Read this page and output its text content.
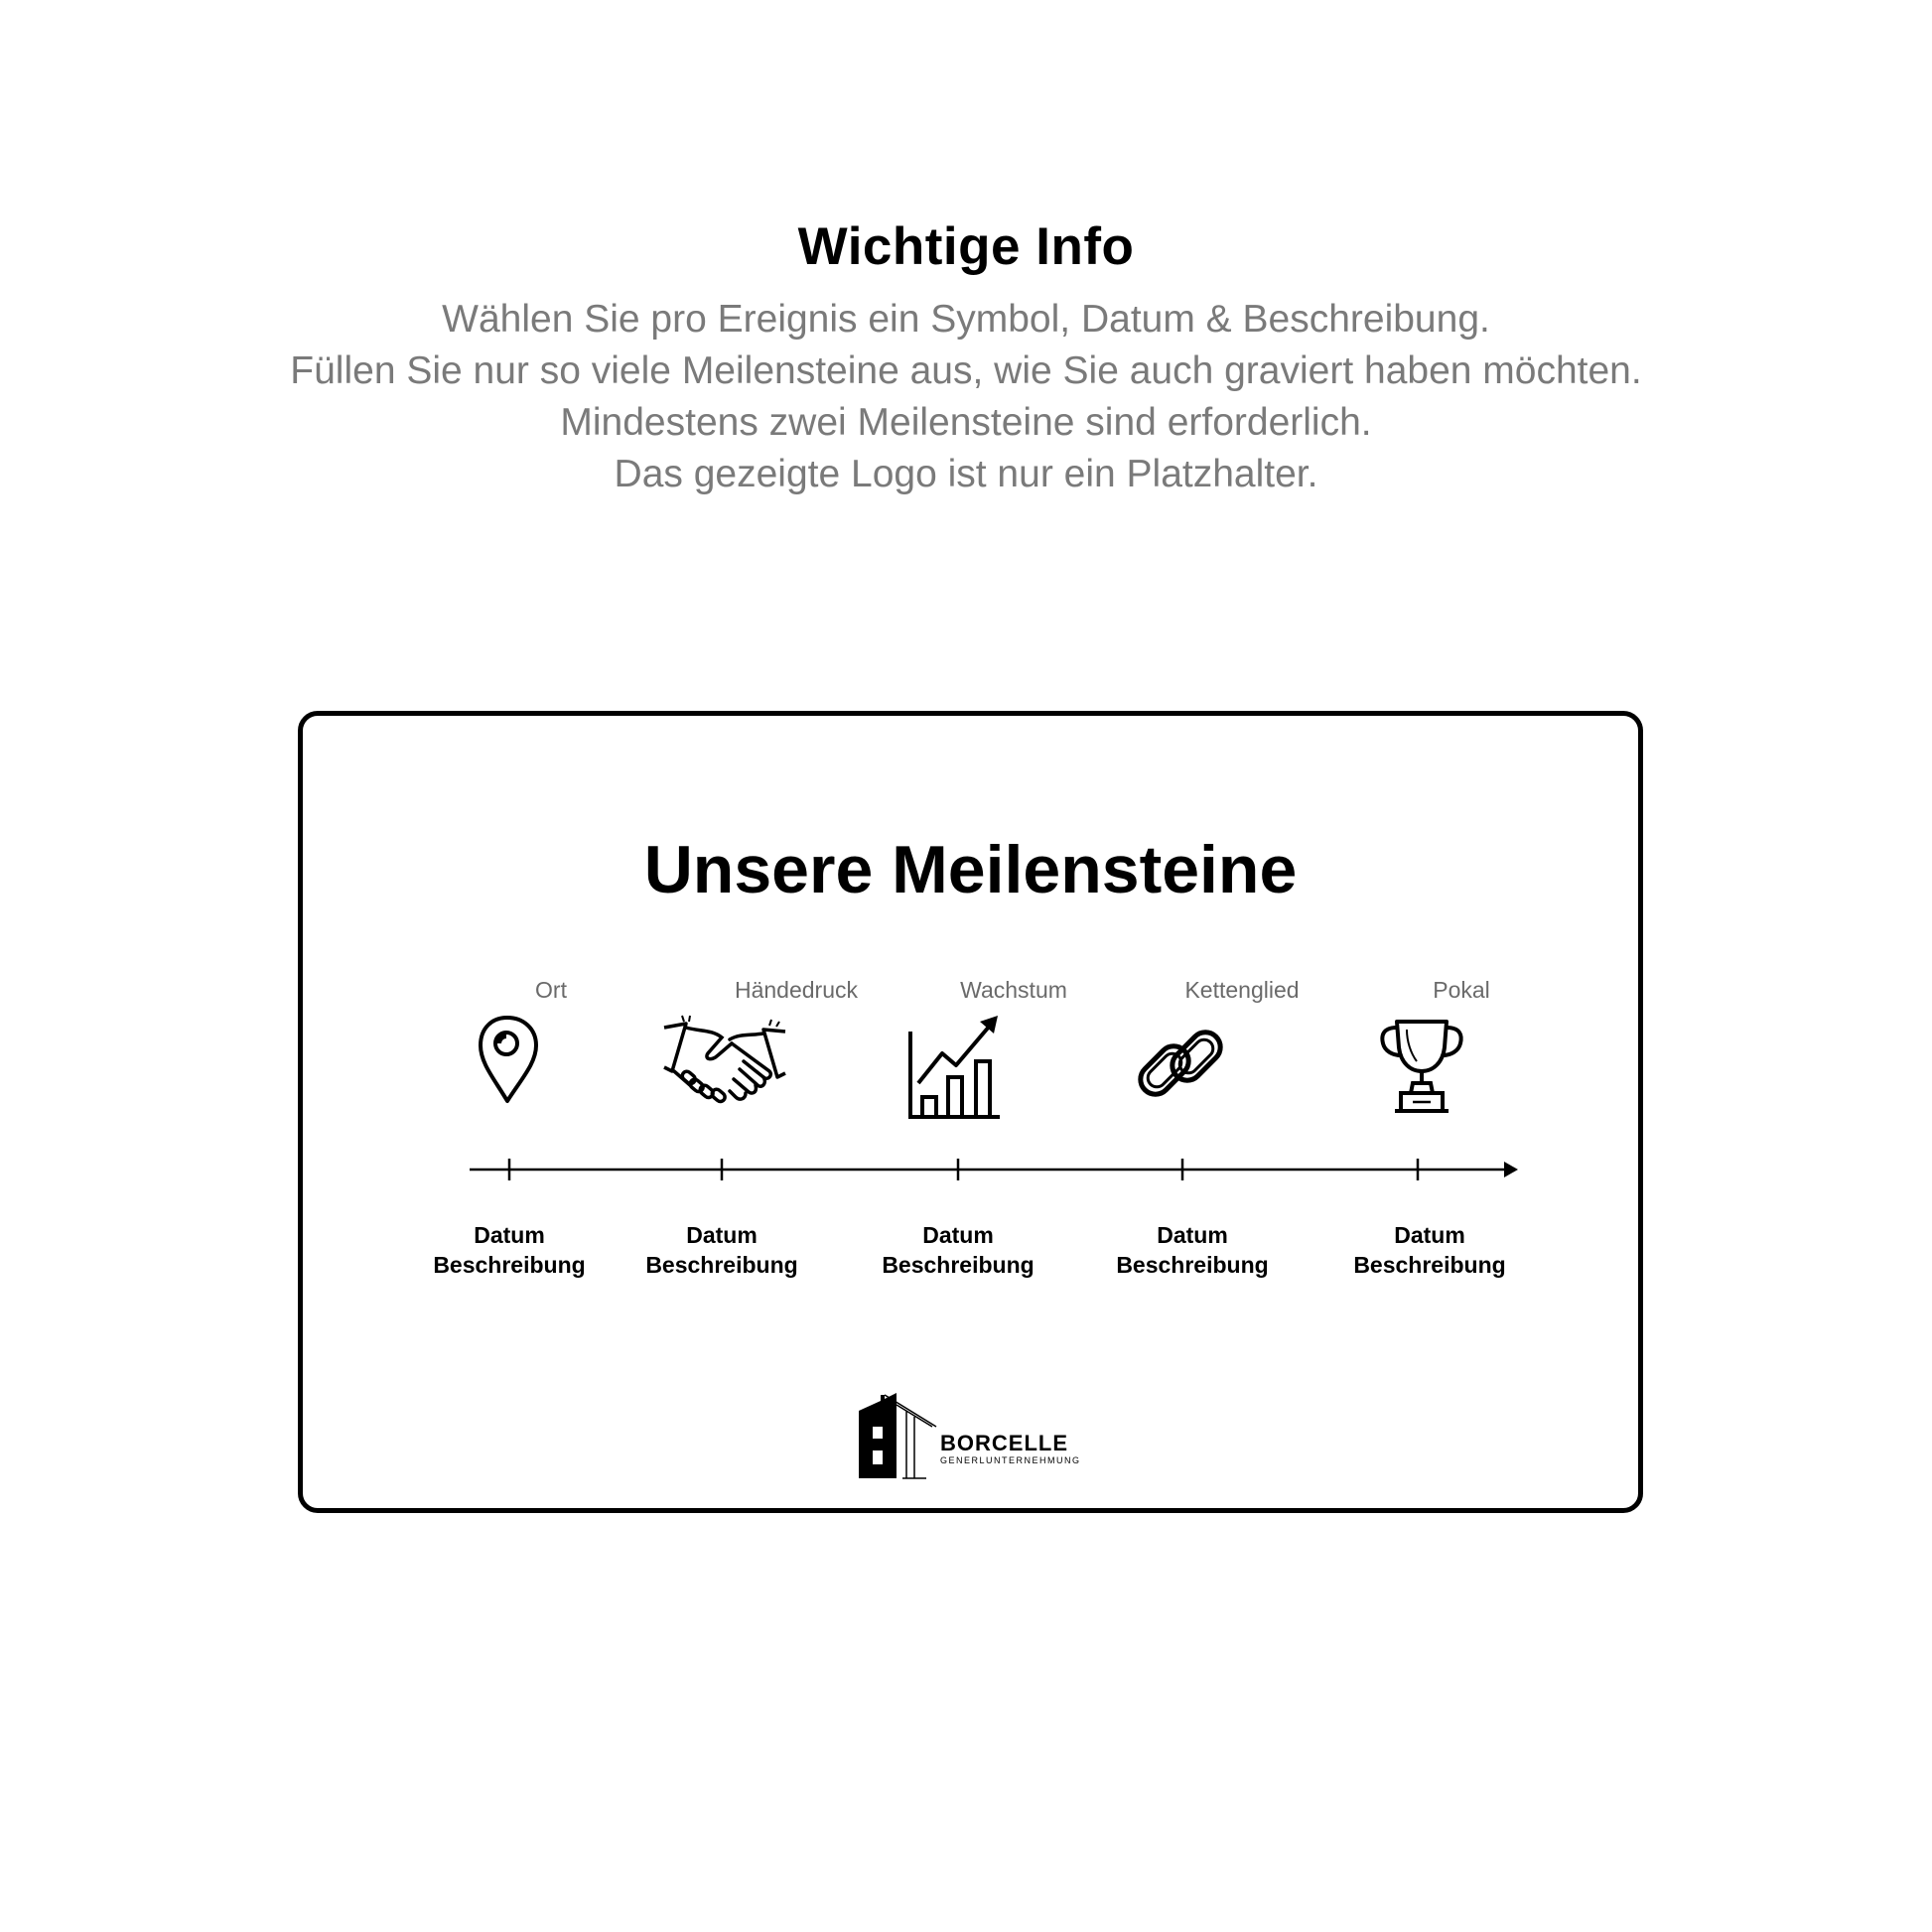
Wichtige Info
Wählen Sie pro Ereignis ein Symbol, Datum & Beschreibung.
Füllen Sie nur so viele Meilensteine aus, wie Sie auch graviert haben möchten.
Mindestens zwei Meilensteine sind erforderlich.
Das gezeigte Logo ist nur ein Platzhalter.
Unsere Meilensteine
Ort	Händedruck	Wachstum	Kettenglied	Pokal
Datum
Beschreibung
Datum
Beschreibung
Datum
Beschreibung
Datum
Beschreibung
Datum
Beschreibung
BORCELLE
GENERLUNTERNEHMUNG
